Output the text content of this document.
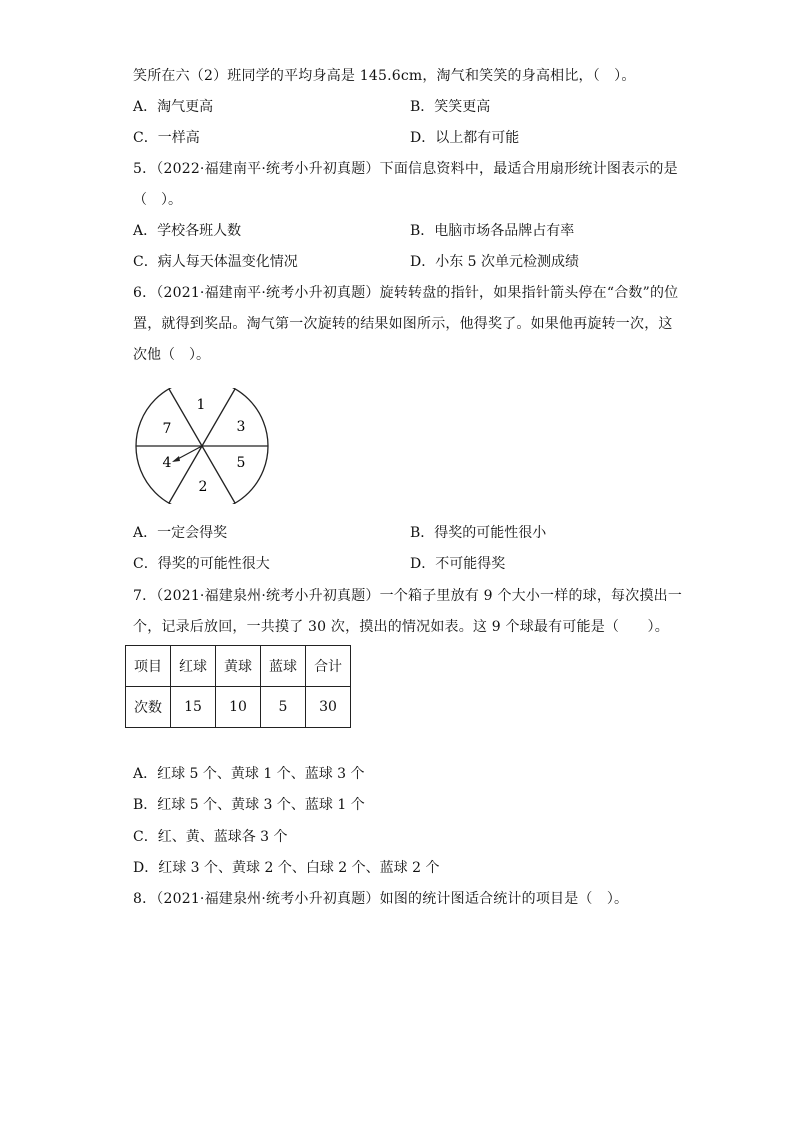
笑所在六（2）班同学的平均身高是 145.6cm，淘气和笑笑的身高相比，（　）。
A．淘气更高	B．笑笑更高
C．一样高	D．以上都有可能
5．（2022·福建南平·统考小升初真题）下面信息资料中，最适合用扇形统计图表示的是
（　）。
A．学校各班人数	B．电脑市场各品牌占有率
C．病人每天体温变化情况	D．小东 5 次单元检测成绩
6．（2021·福建南平·统考小升初真题）旋转转盘的指针，如果指针箭头停在“合数”的位
置，就得到奖品。淘气第一次旋转的结果如图所示，他得奖了。如果他再旋转一次，这
次他（　）。
1
3
5
2
4
7
A．一定会得奖	B．得奖的可能性很小
C．得奖的可能性很大	D．不可能得奖
7．（2021·福建泉州·统考小升初真题）一个箱子里放有 9 个大小一样的球，每次摸出一
个，记录后放回，一共摸了 30 次，摸出的情况如表。这 9 个球最有可能是（　　）。
项目	红球	黄球	蓝球	合计
次数	15	10	5	30
A．红球 5 个、黄球 1 个、蓝球 3 个
B．红球 5 个、黄球 3 个、蓝球 1 个
C．红、黄、蓝球各 3 个
D．红球 3 个、黄球 2 个、白球 2 个、蓝球 2 个
8．（2021·福建泉州·统考小升初真题）如图的统计图适合统计的项目是（　）。
